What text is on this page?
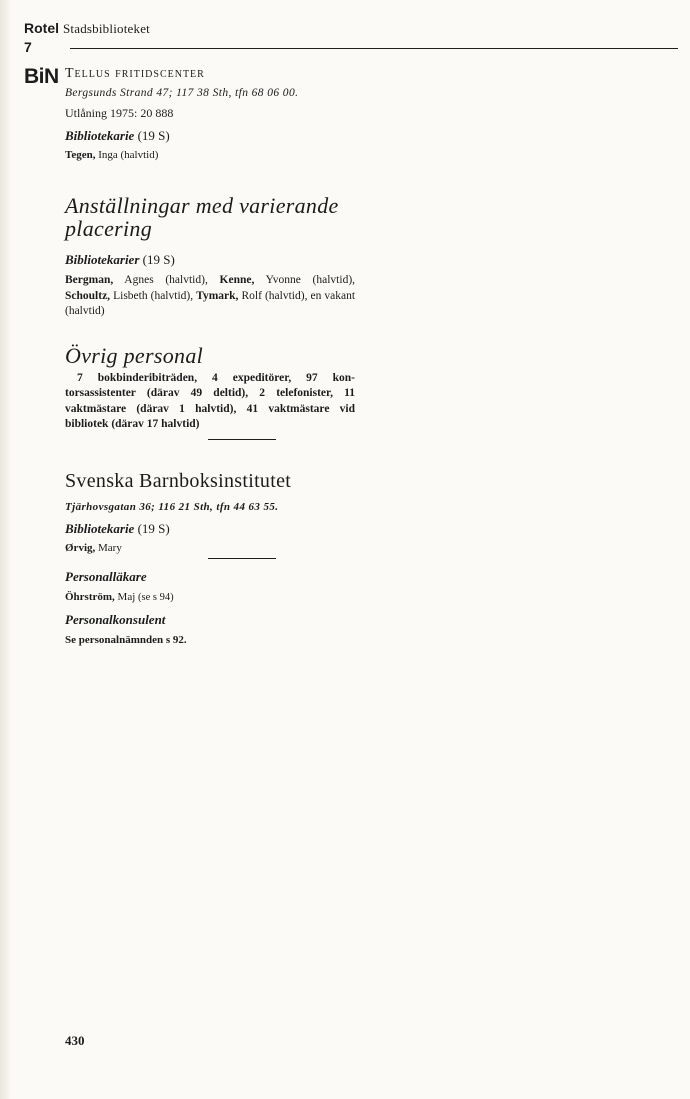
Rotel Stadsbiblioteket
7
BiN Tellus fritidscenter
Bergsunds Strand 47; 117 38 Sth, tfn 68 06 00.
Utlåning 1975: 20 888
Bibliotekarie (19 S)
Tegen, Inga (halvtid)
Anställningar med varierande
placering
Bibliotekarier (19 S)
Bergman, Agnes (halvtid), Kenne, Yvonne (halvtid), Schoultz, Lisbeth (halvtid), Tymark, Rolf (halvtid), en vakant (halvtid)
Övrig personal
7 bokbinderibiträden, 4 expeditörer, 97 kontorsassistenter (därav 49 deltid), 2 telefonister, 11 vaktmästare (därav 1 halvtid), 41 vaktmästare vid bibliotek (därav 17 halvtid)
Svenska Barnboksinstitutet
Tjärhovsgatan 36; 116 21 Sth, tfn 44 63 55.
Bibliotekarie (19 S)
Ørvig, Mary
Personalläkare
Öhrström, Maj (se s 94)
Personalkonsulent
Se personalnämnden s 92.
430
